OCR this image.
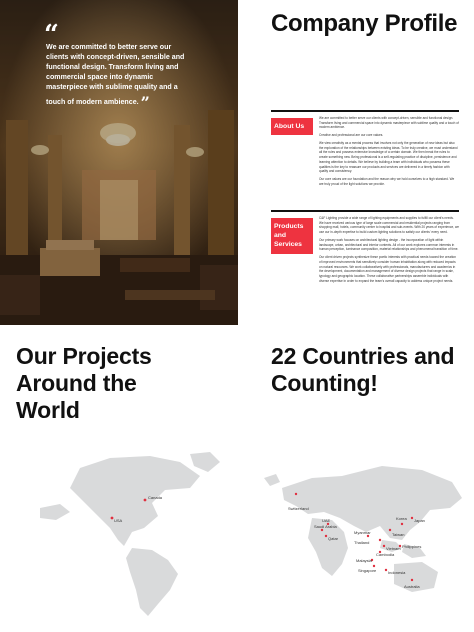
“
We are committed to better serve our clients with concept-driven, sensible and functional design. Transform living and commercial space into dynamic masterpiece with sublime quality and a touch of modern ambience. ”
Company Profile
About Us

We are committed to better serve our clients with concept-driven, sensible and functional design. Transform living and commercial space into dynamic masterpiece with sublime quality and a touch of modern ambience.

Creative and professional are our core values.

We view creativity as a mental process that involves not only the generation of new ideas but also the exploration of the relationships between existing ideas. To be truly creative, we must understand all the rules and possess extensive knowledge of a certain domain. We then break the rules to create something new. Being professional is a self-regulating practice of discipline, persistence and learning attention to details. We believe by building a team with individuals who possess these qualities is the key to reassure our products and services are delivered in a timely fashion with quality and consistency.

Our core values are our foundation and the reason why we hold ourselves to a high standard. We are truly proud of the light solutions we provide.

Products and Services

C&F Lighting provide a wide range of lighting equipments and supplies to fulfill our client's needs. We have received various type of large scale commercial and residential projects ranging from shopping mall, hotels, community center to hospital and sub-events. With 20 years of experience, we use our in-depth expertise to build custom lighting solutions to satisfy our clients' every need.

Our primary work focuses on architectural lighting design - the incorporation of light within landscape, urban, architectural and interior contexts. All of our work explores common interests in human perception, luminance composition, material relationships and phenomenal transition of time.

Our client driven projects synthesize these poetic interests with practical needs toward the creation of improved environments that sensitively consider human inhabitation along with reduced impacts on natural resources. We work collaboratively with professionals, manufacturers and academics in the development, documentation and management of diverse design projects that range in scale, typology and geographic location. These collaborative partnerships assemble individuals with diverse expertise in order to expand the team's overall capacity to address unique project needs.

Our Projects Around the World
22 Countries and Counting!
Canada
USA
Switzerland
UAE
Saudi Arabia
Qatar
Taiwan
Thailand
Myanmar
Philippines
Cambodia
Malaysia
Singapore	Indonesia
Japan
Korea
Vietnam
Australia
